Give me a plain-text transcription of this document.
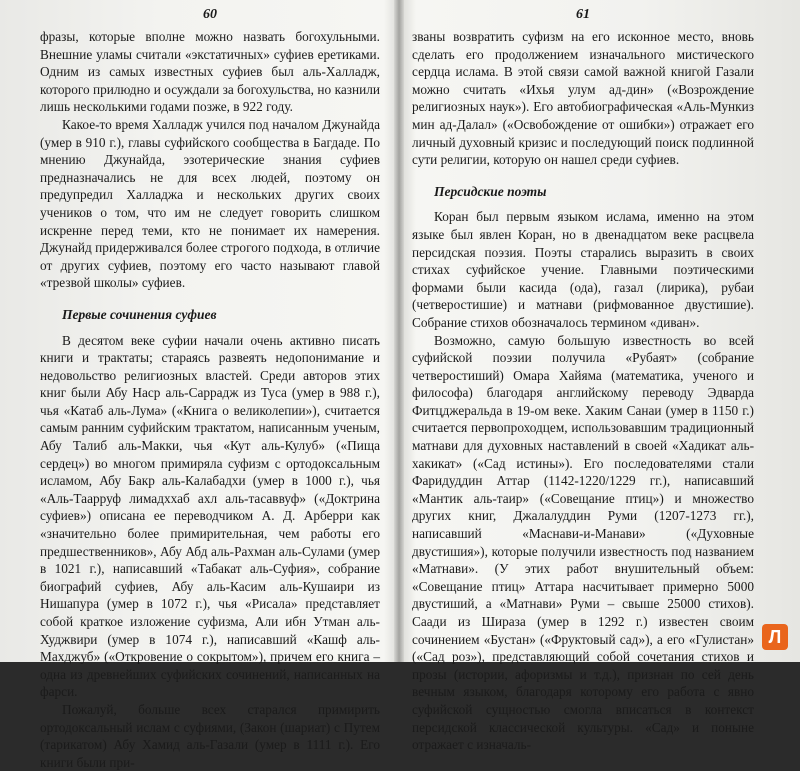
60

фразы, которые вполне можно назвать богохульными. Внешние уламы считали «экстатичных» суфиев еретиками. Одним из самых известных суфиев был аль-Халладж, которого прилюдно и осуждали за богохульства, но казнили лишь несколькими годами позже, в 922 году.

Какое-то время Халладж учился под началом Джунайда (умер в 910 г.), главы суфийского сообщества в Багдаде. По мнению Джунайда, эзотерические знания суфиев предназначались не для всех людей, поэтому он предупредил Халладжа и нескольких других своих учеников о том, что им не следует говорить слишком искренне перед теми, кто не понимает их намерения. Джунайд придерживался более строгого подхода, в отличие от других суфиев, поэтому его часто называют главой «трезвой школы» суфиев.

Первые сочинения суфиев

В десятом веке суфии начали очень активно писать книги и трактаты; стараясь развеять недопонимание и недовольство религиозных властей. Среди авторов этих книг были Абу Наср аль-Саррадж из Туса (умер в 988 г.), чья «Катаб аль-Лума» («Книга о великолепии»), считается самым ранним суфийским трактатом, написанным ученым, Абу Талиб аль-Макки, чья «Кут аль-Кулуб» («Пища сердец») во многом примиряла суфизм с ортодоксальным исламом, Абу Бакр аль-Калабадхи (умер в 1000 г.), чья «Аль-Таарруф лимадххаб ахл аль-тасаввуф» («Доктрина суфиев») описана ее переводчиком А. Д. Арберри как «значительно более примирительная, чем работы его предшественников», Абу Абд аль-Рахман аль-Сулами (умер в 1021 г.), написавший «Табакат аль-Суфия», собрание биографий суфиев, Абу аль-Касим аль-Кушаири из Нишапура (умер в 1072 г.), чья «Рисала» представляет собой краткое изложение суфизма, Али ибн Утман аль-Худжвири (умер в 1074 г.), написавший «Кашф аль-Махджуб» («Откровение о сокрытом»), причем его книга – одна из древнейших суфийских сочинений, написанных на фарси.

Пожалуй, больше всех старался примирить ортодоксальный ислам с суфиями, (Закон (шариат) с Путем (тарикатом) Абу Хамид аль-Газали (умер в 1111 г.). Его книги были при-

61

званы возвратить суфизм на его исконное место, вновь сделать его продолжением изначального мистического сердца ислама. В этой связи самой важной книгой Газали можно считать «Ихья улум ад-дин» («Возрождение религиозных наук»). Его автобиографическая «Аль-Мункиз мин ад-Далал» («Освобождение от ошибки») отражает его личный духовный кризис и последующий поиск подлинной сути религии, которую он нашел среди суфиев.

Персидские поэты

Коран был первым языком ислама, именно на этом языке был явлен Коран, но в двенадцатом веке расцвела персидская поэзия. Поэты старались выразить в своих стихах суфийское учение. Главными поэтическими формами были касида (ода), газал (лирика), рубаи (четверостишие) и матнави (рифмованное двустишие). Собрание стихов обозначалось термином «диван».

Возможно, самую большую известность во всей суфийской поэзии получила «Рубаят» (собрание четверостиший) Омара Хайяма (математика, ученого и философа) благодаря английскому переводу Эдварда Фитцджеральда в 19-ом веке. Хаким Санаи (умер в 1150 г.) считается первопроходцем, использовавшим традиционный матнави для духовных наставлений в своей «Хадикат аль-хакикат» («Сад истины»). Его последователями стали Фаридуддин Аттар (1142-1220/1229 гг.), написавший «Мантик аль-таир» («Совещание птиц») и множество других книг, Джалалуддин Руми (1207-1273 гг.), написавший «Маснави-и-Манави» («Духовные двустишия»), которые получили известность под названием «Матнави». (У этих работ внушительный объем: «Совещание птиц» Аттара насчитывает примерно 5000 двустиший, а «Матнави» Руми – свыше 25000 стихов). Саади из Шираза (умер в 1292 г.) известен своим сочинением «Бустан» («Фруктовый сад»), а его «Гулистан» («Сад роз»), представляющий собой сочетания стихов и прозы (истории, афоризмы и т.д.), признан по сей день вечным языком, благодаря которому его работа с явно суфийской сущностью смогла вписаться в контекст персидской классической культуры. «Сад» и поныне отражает с изначаль-

Л
